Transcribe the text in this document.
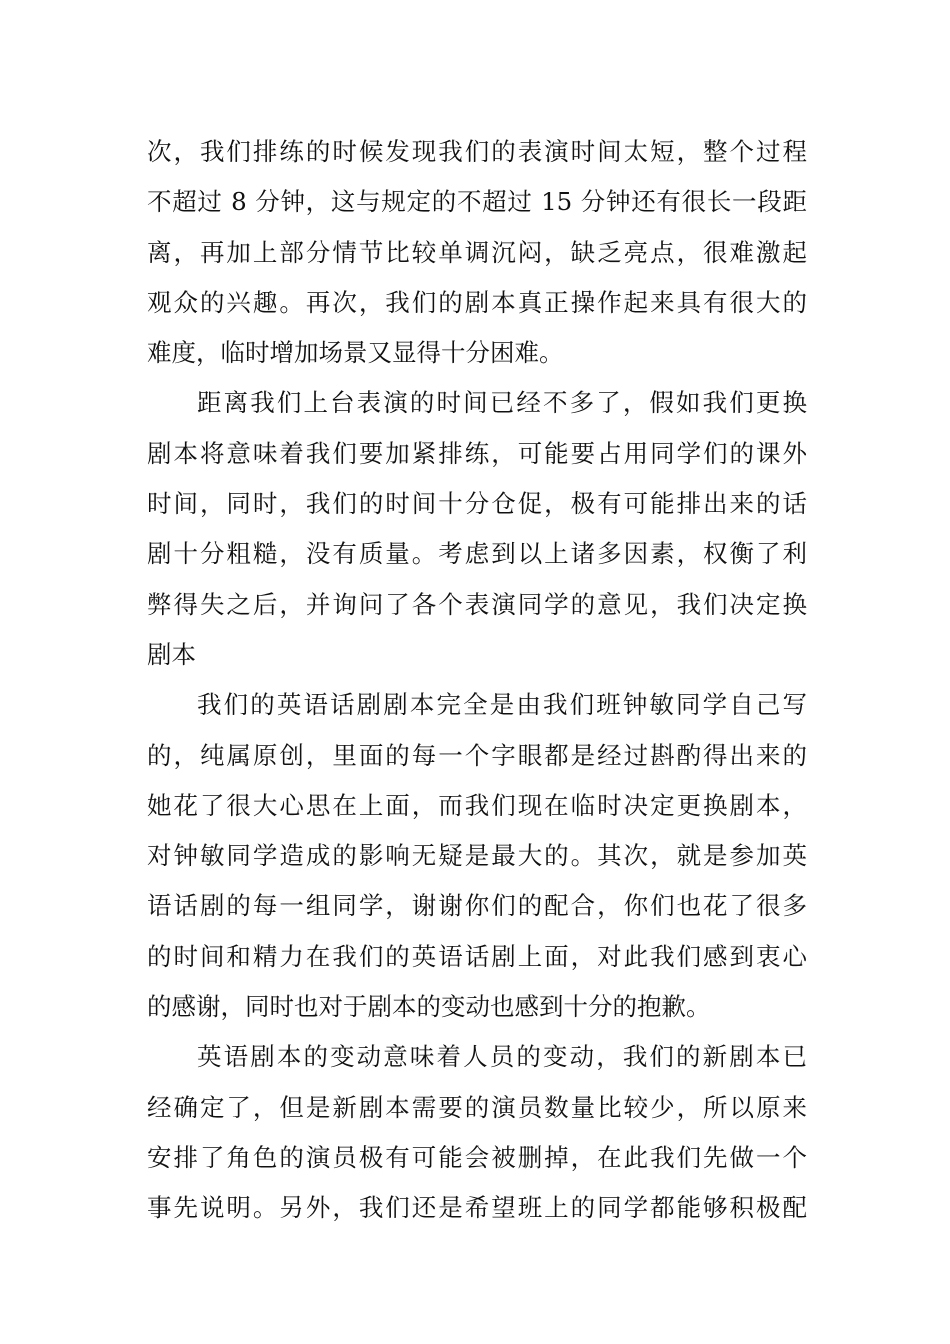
次，我们排练的时候发现我们的表演时间太短，整个过程
不超过 8 分钟，这与规定的不超过 15 分钟还有很长一段距
离，再加上部分情节比较单调沉闷，缺乏亮点，很难激起
观众的兴趣。再次，我们的剧本真正操作起来具有很大的
难度，临时增加场景又显得十分困难。
距离我们上台表演的时间已经不多了，假如我们更换
剧本将意味着我们要加紧排练，可能要占用同学们的课外
时间，同时，我们的时间十分仓促，极有可能排出来的话
剧十分粗糙，没有质量。考虑到以上诸多因素，权衡了利
弊得失之后，并询问了各个表演同学的意见，我们决定换
剧本
我们的英语话剧剧本完全是由我们班钟敏同学自己写
的，纯属原创，里面的每一个字眼都是经过斟酌得出来的
她花了很大心思在上面，而我们现在临时决定更换剧本，
对钟敏同学造成的影响无疑是最大的。其次，就是参加英
语话剧的每一组同学，谢谢你们的配合，你们也花了很多
的时间和精力在我们的英语话剧上面，对此我们感到衷心
的感谢，同时也对于剧本的变动也感到十分的抱歉。
英语剧本的变动意味着人员的变动，我们的新剧本已
经确定了，但是新剧本需要的演员数量比较少，所以原来
安排了角色的演员极有可能会被删掉，在此我们先做一个
事先说明。另外，我们还是希望班上的同学都能够积极配
